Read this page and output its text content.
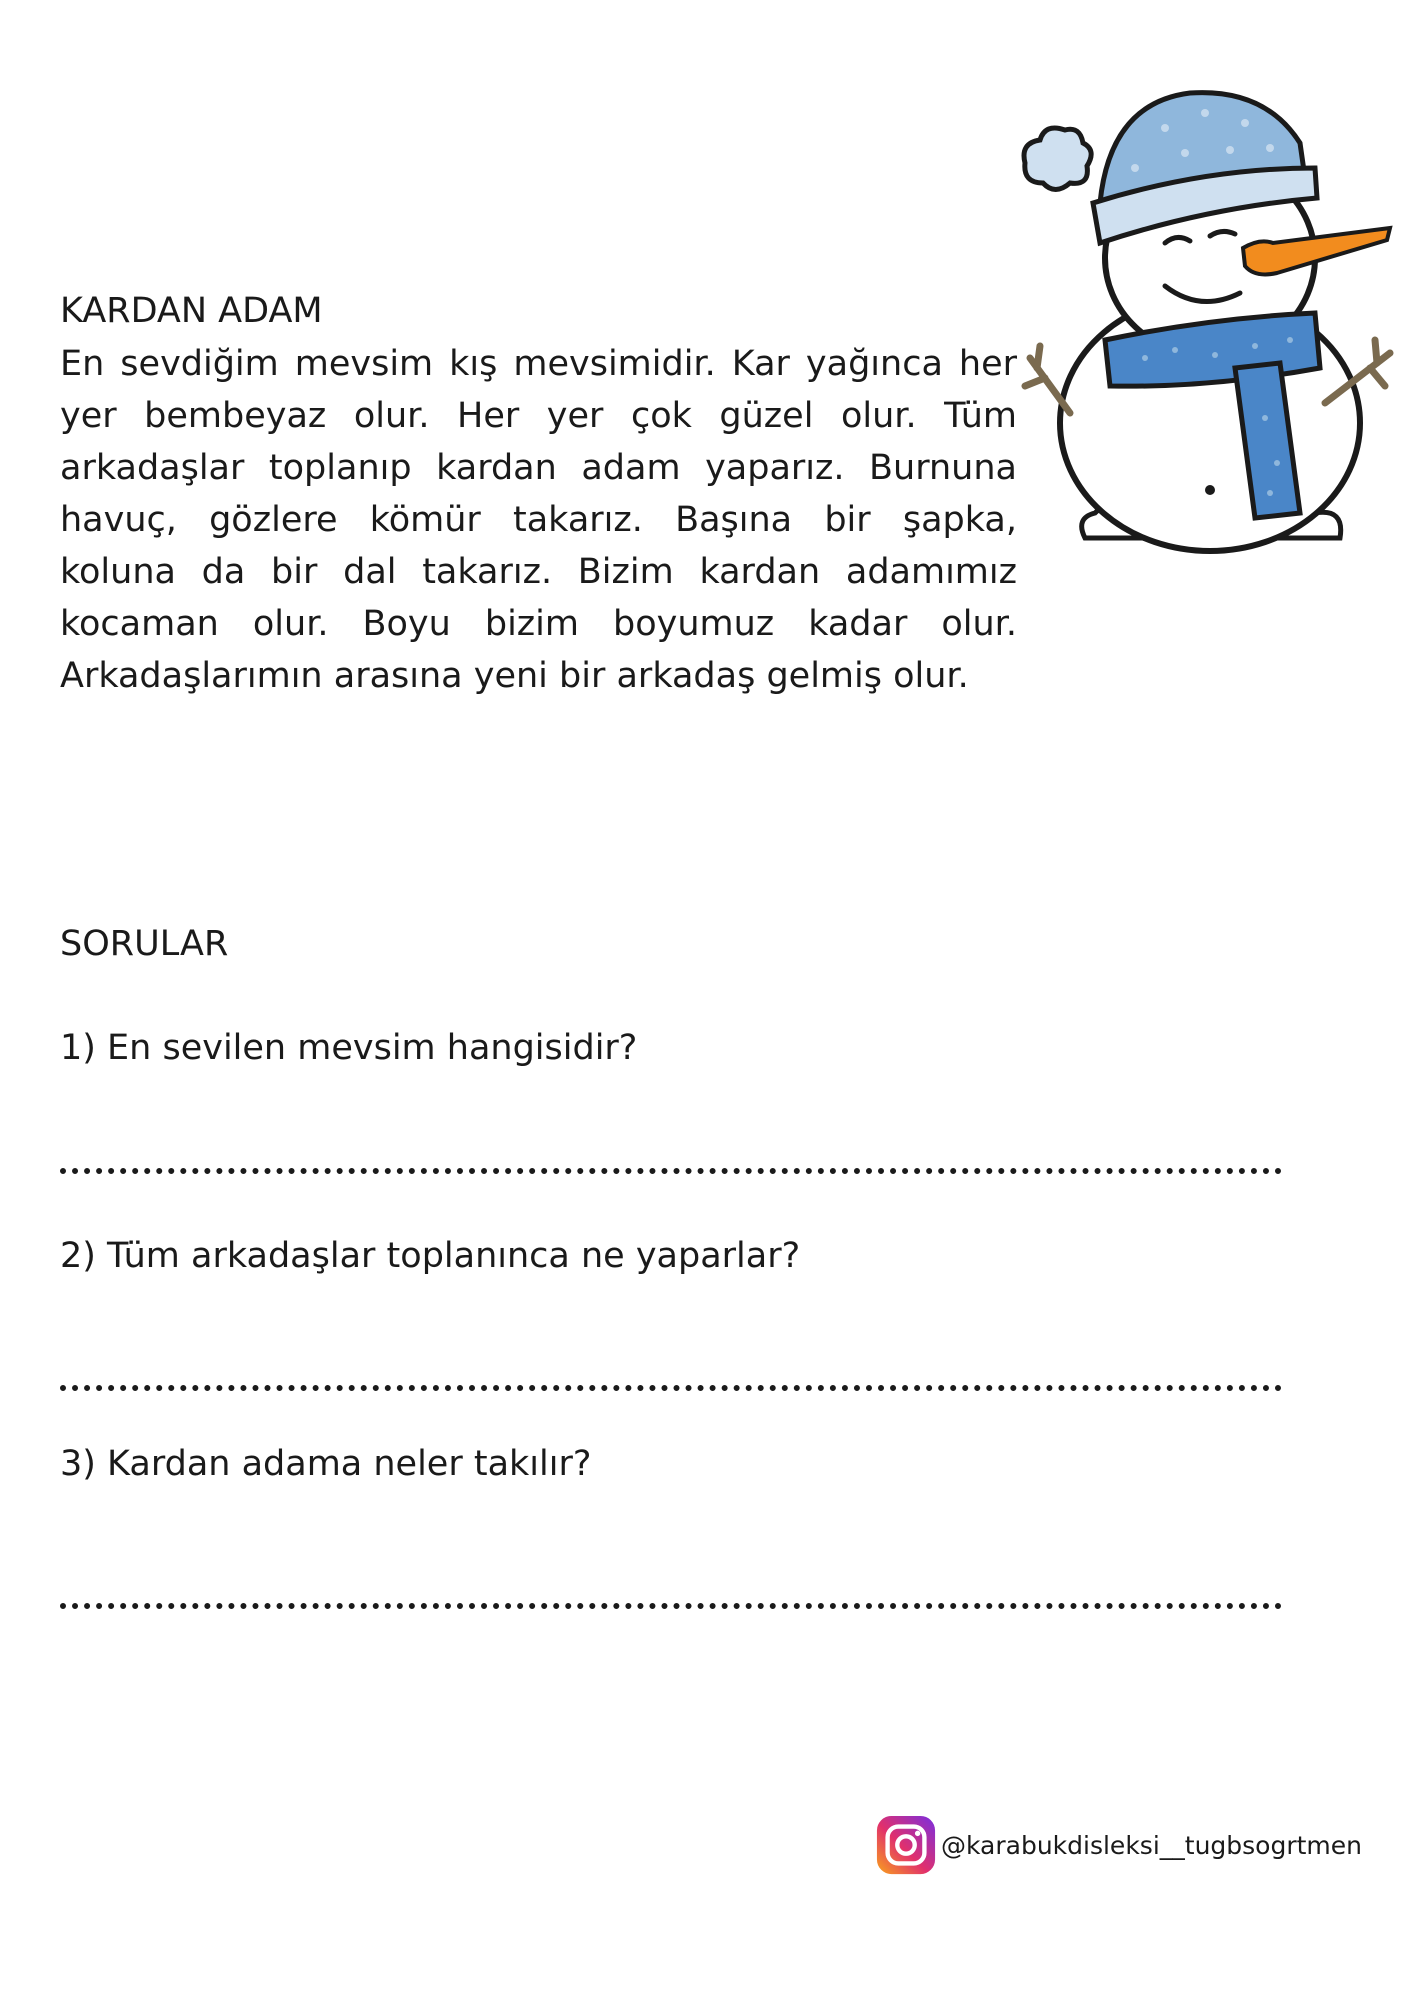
KARDAN ADAM

En sevdiğim mevsim kış mevsimidir. Kar yağınca her yer bembeyaz olur. Her yer çok güzel olur. Tüm arkadaşlar toplanıp kardan adam yaparız. Burnuna havuç, gözlere kömür takarız. Başına bir şapka, koluna da bir dal takarız. Bizim kardan adamımız kocaman olur. Boyu bizim boyumuz kadar olur. Arkadaşlarımın arasına yeni bir arkadaş gelmiş olur.

SORULAR

1) En sevilen mevsim hangisidir?

2) Tüm arkadaşlar toplanınca ne yaparlar?

3) Kardan adama neler takılır?

@karabukdisleksi__tugbsogrtmen
